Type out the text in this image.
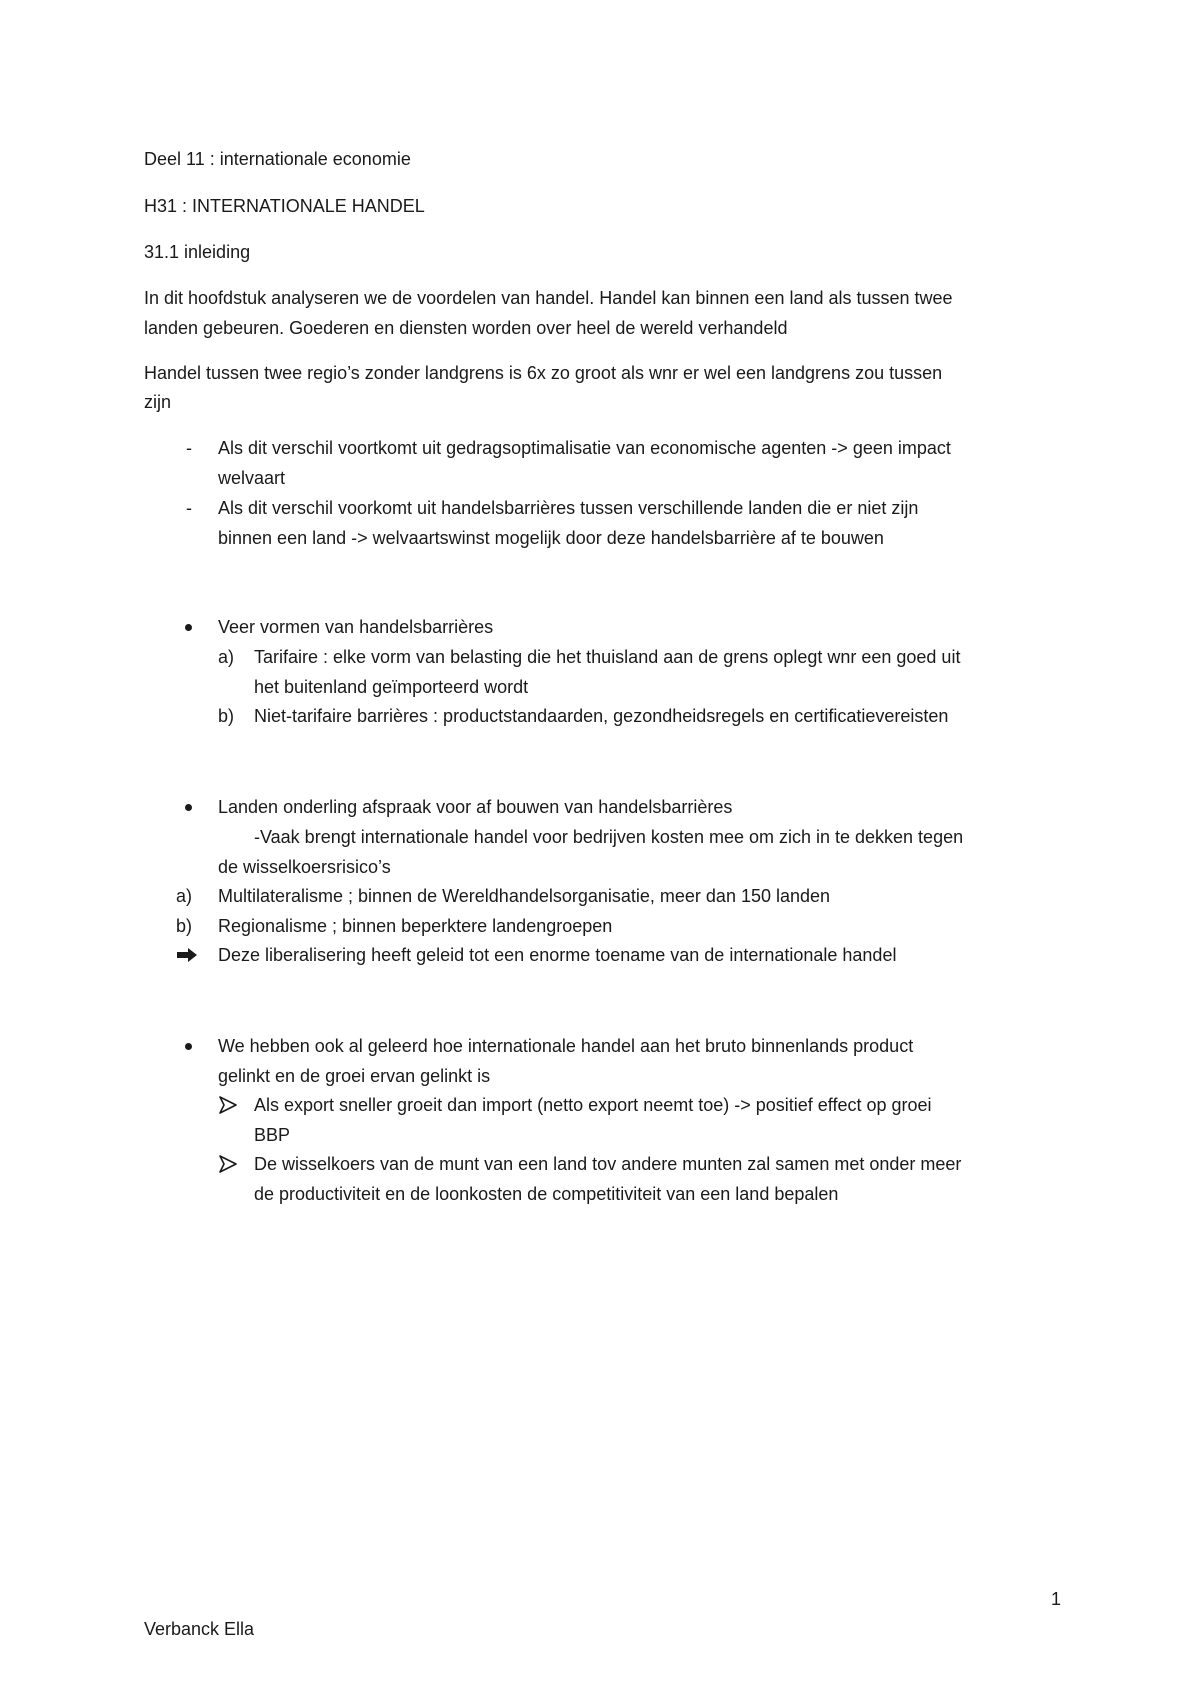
Deel 11 : internationale economie
H31 : INTERNATIONALE HANDEL
31.1 inleiding
In dit hoofdstuk analyseren we de voordelen van handel. Handel kan binnen een land als tussen twee
landen gebeuren. Goederen en diensten worden over heel de wereld verhandeld
Handel tussen twee regio’s zonder landgrens is 6x zo groot als wnr er wel een landgrens zou tussen
zijn
- Als dit verschil voortkomt uit gedragsoptimalisatie van economische agenten -> geen impact
welvaart
- Als dit verschil voorkomt uit handelsbarrières tussen verschillende landen die er niet zijn
binnen een land -> welvaartswinst mogelijk door deze handelsbarrière af te bouwen
Veer vormen van handelsbarrières
a) Tarifaire : elke vorm van belasting die het thuisland aan de grens oplegt wnr een goed uit
het buitenland geïmporteerd wordt
b) Niet-tarifaire barrières : productstandaarden, gezondheidsregels en certificatievereisten
Landen onderling afspraak voor af bouwen van handelsbarrières
-Vaak brengt internationale handel voor bedrijven kosten mee om zich in te dekken tegen
de wisselkoersrisico’s
a) Multilateralisme ; binnen de Wereldhandelsorganisatie, meer dan 150 landen
b) Regionalisme ; binnen beperktere landengroepen
Deze liberalisering heeft geleid tot een enorme toename van de internationale handel
We hebben ook al geleerd hoe internationale handel aan het bruto binnenlands product
gelinkt en de groei ervan gelinkt is
Als export sneller groeit dan import (netto export neemt toe) -> positief effect op groei
BBP
De wisselkoers van de munt van een land tov andere munten zal samen met onder meer
de productiviteit en de loonkosten de competitiviteit van een land bepalen
1
Verbanck Ella
